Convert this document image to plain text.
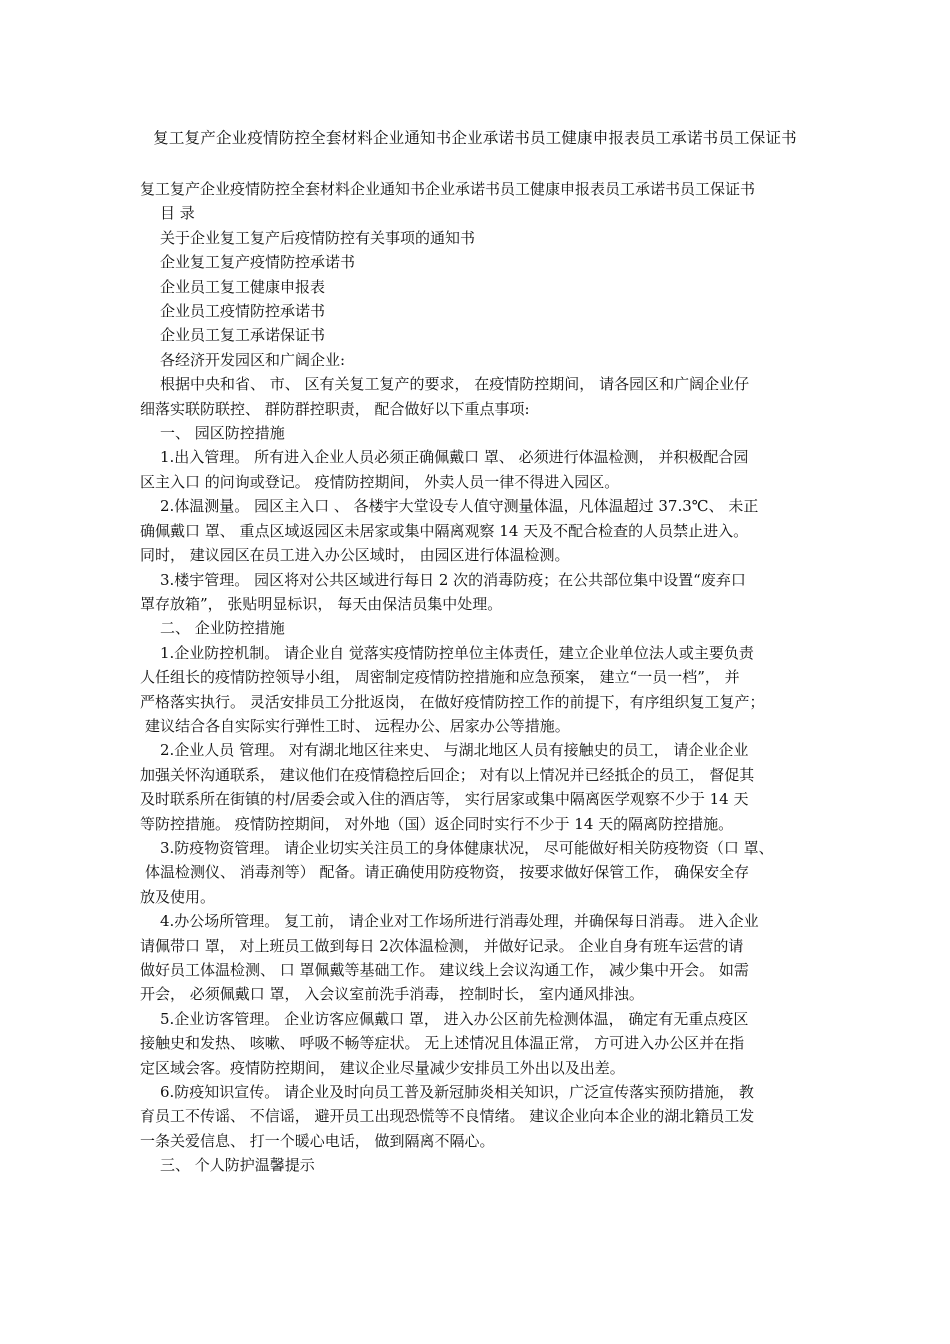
复工复产企业疫情防控全套材料企业通知书企业承诺书员工健康申报表员工承诺书员工保证书

复工复产企业疫情防控全套材料企业通知书企业承诺书员工健康申报表员工承诺书员工保证书

目 录

关于企业复工复产后疫情防控有关事项的通知书

企业复工复产疫情防控承诺书

企业员工复工健康申报表

企业员工疫情防控承诺书

企业员工复工承诺保证书

各经济开发园区和广阔企业:

根据中央和省、 市、 区有关复工复产的要求， 在疫情防控期间， 请各园区和广阔企业仔

细落实联防联控、 群防群控职责， 配合做好以下重点事项:

一、 园区防控措施

1.出入管理。 所有进入企业人员必须正确佩戴口 罩、 必须进行体温检测， 并积极配合园

区主入口 的问询或登记。 疫情防控期间， 外卖人员一律不得进入园区。

2.体温测量。 园区主入口 、 各楼宇大堂设专人值守测量体温，凡体温超过 37.3℃、 未正

确佩戴口 罩、 重点区域返园区未居家或集中隔离观察 14 天及不配合检查的人员禁止进入。

同时， 建议园区在员工进入办公区域时， 由园区进行体温检测。

3.楼宇管理。 园区将对公共区域进行每日 2 次的消毒防疫；在公共部位集中设置“废弃口

罩存放箱”， 张贴明显标识， 每天由保洁员集中处理。

二、 企业防控措施

1.企业防控机制。 请企业自 觉落实疫情防控单位主体责任，建立企业单位法人或主要负责

人任组长的疫情防控领导小组， 周密制定疫情防控措施和应急预案， 建立“一员一档”， 并

严格落实执行。 灵活安排员工分批返岗， 在做好疫情防控工作的前提下，有序组织复工复产；

建议结合各自实际实行弹性工时、 远程办公、居家办公等措施。

2.企业人员 管理。 对有湖北地区往来史、 与湖北地区人员有接触史的员工， 请企业企业

加强关怀沟通联系， 建议他们在疫情稳控后回企； 对有以上情况并已经抵企的员工， 督促其

及时联系所在街镇的村/居委会或入住的酒店等， 实行居家或集中隔离医学观察不少于 14 天

等防控措施。 疫情防控期间， 对外地（国）返企同时实行不少于 14 天的隔离防控措施。

3.防疫物资管理。 请企业切实关注员工的身体健康状况， 尽可能做好相关防疫物资（口 罩、

体温检测仪、 消毒剂等） 配备。请正确使用防疫物资， 按要求做好保管工作， 确保安全存

放及使用。

4.办公场所管理。 复工前， 请企业对工作场所进行消毒处理，并确保每日消毒。 进入企业

请佩带口 罩， 对上班员工做到每日 2次体温检测， 并做好记录。 企业自身有班车运营的请

做好员工体温检测、 口 罩佩戴等基础工作。 建议线上会议沟通工作， 减少集中开会。 如需

开会， 必须佩戴口 罩， 入会议室前洗手消毒， 控制时长， 室内通风排浊。

5.企业访客管理。 企业访客应佩戴口 罩， 进入办公区前先检测体温， 确定有无重点疫区

接触史和发热、 咳嗽、 呼吸不畅等症状。 无上述情况且体温正常， 方可进入办公区并在指

定区域会客。疫情防控期间， 建议企业尽量减少安排员工外出以及出差。

6.防疫知识宣传。 请企业及时向员工普及新冠肺炎相关知识，广泛宣传落实预防措施， 教

育员工不传谣、 不信谣， 避开员工出现恐慌等不良情绪。 建议企业向本企业的湖北籍员工发

一条关爱信息、 打一个暖心电话， 做到隔离不隔心。

三、 个人防护温馨提示
